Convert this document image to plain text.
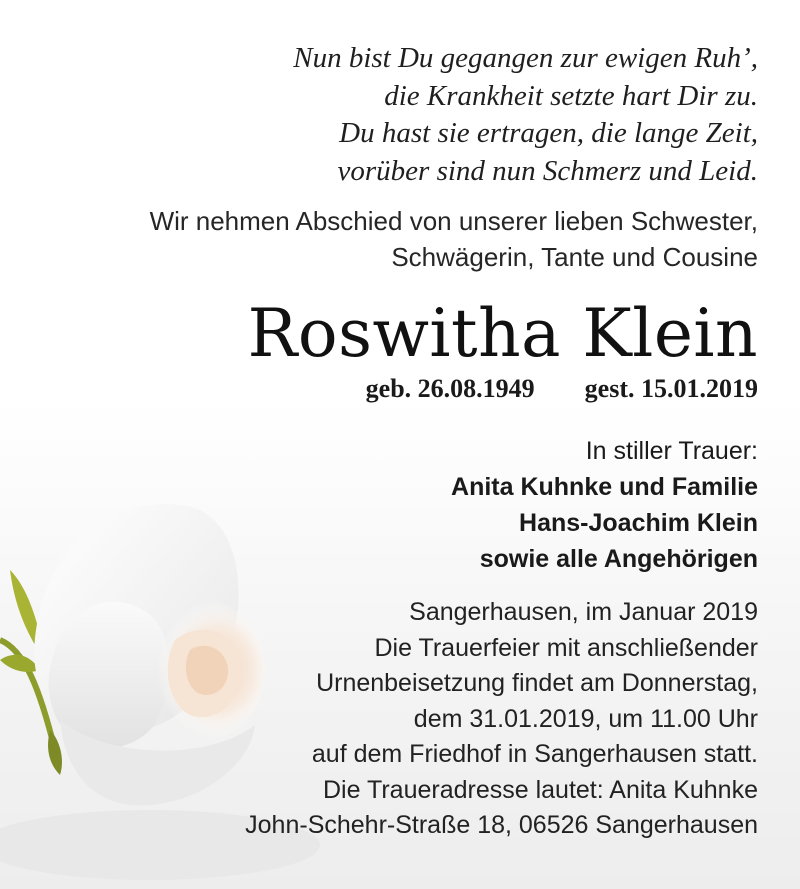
Nun bist Du gegangen zur ewigen Ruh’,
die Krankheit setzte hart Dir zu.
Du hast sie ertragen, die lange Zeit,
vorüber sind nun Schmerz und Leid.
Wir nehmen Abschied von unserer lieben Schwester,
Schwägerin, Tante und Cousine
Roswitha Klein
geb. 26.08.1949 gest. 15.01.2019
In stiller Trauer:
Anita Kuhnke und Familie
Hans-Joachim Klein
sowie alle Angehörigen
Sangerhausen, im Januar 2019
Die Trauerfeier mit anschließender
Urnenbeisetzung findet am Donnerstag,
dem 31.01.2019, um 11.00 Uhr
auf dem Friedhof in Sangerhausen statt.
Die Traueradresse lautet: Anita Kuhnke
John-Schehr-Straße 18, 06526 Sangerhausen
